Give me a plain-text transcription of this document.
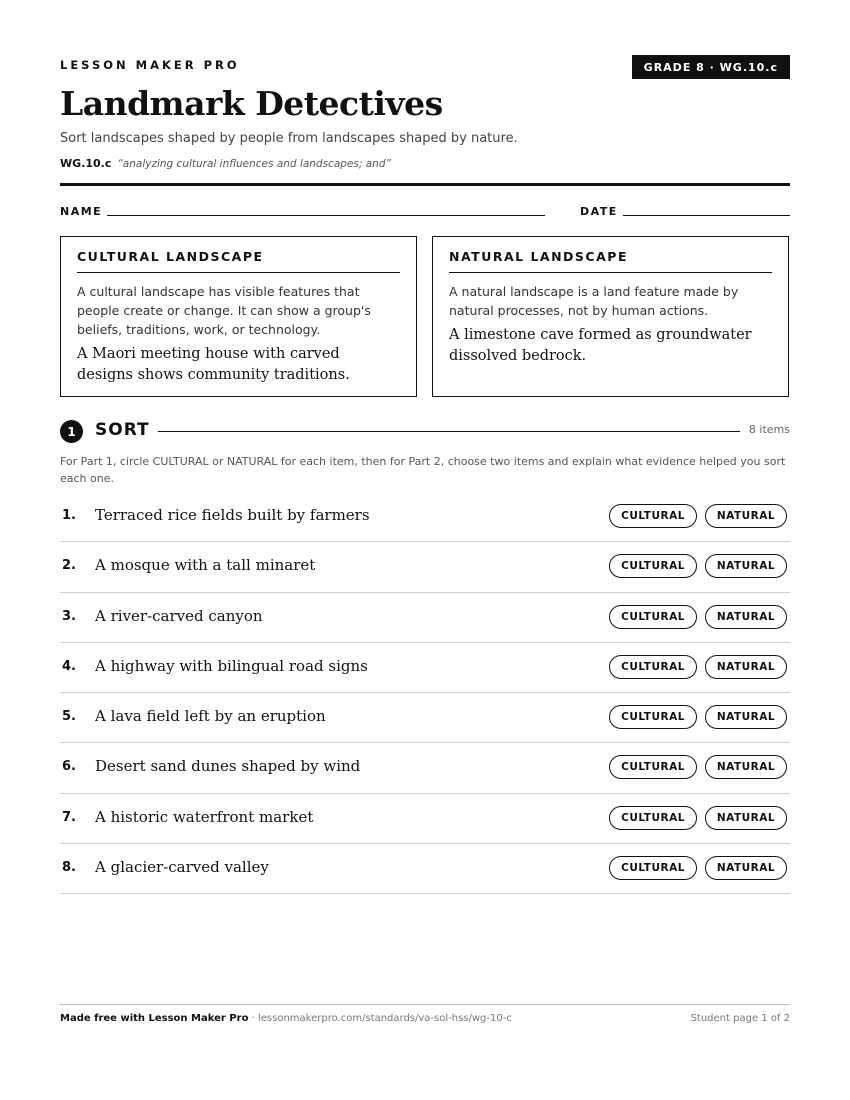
LESSON MAKER PRO	GRADE 8 · WG.10.c
Landmark Detectives
Sort landscapes shaped by people from landscapes shaped by nature.
WG.10.c “analyzing cultural influences and landscapes; and”
NAME	DATE
CULTURAL LANDSCAPE

A cultural landscape has visible features that people create or change. It can show a group's beliefs, traditions, work, or technology.

A Maori meeting house with carved designs shows community traditions.

NATURAL LANDSCAPE

A natural landscape is a land feature made by natural processes, not by human actions.

A limestone cave formed as groundwater dissolved bedrock.

1	SORT	8 items
For Part 1, circle CULTURAL or NATURAL for each item, then for Part 2, choose two items and explain what evidence helped you sort each one.
1. Terraced rice fields built by farmers	CULTURAL	NATURAL
2. A mosque with a tall minaret	CULTURAL	NATURAL
3. A river-carved canyon	CULTURAL	NATURAL
4. A highway with bilingual road signs	CULTURAL	NATURAL
5. A lava field left by an eruption	CULTURAL	NATURAL
6. Desert sand dunes shaped by wind	CULTURAL	NATURAL
7. A historic waterfront market	CULTURAL	NATURAL
8. A glacier-carved valley	CULTURAL	NATURAL
Made free with Lesson Maker Pro · lessonmakerpro.com/standards/va-sol-hss/wg-10-c	Student page 1 of 2
